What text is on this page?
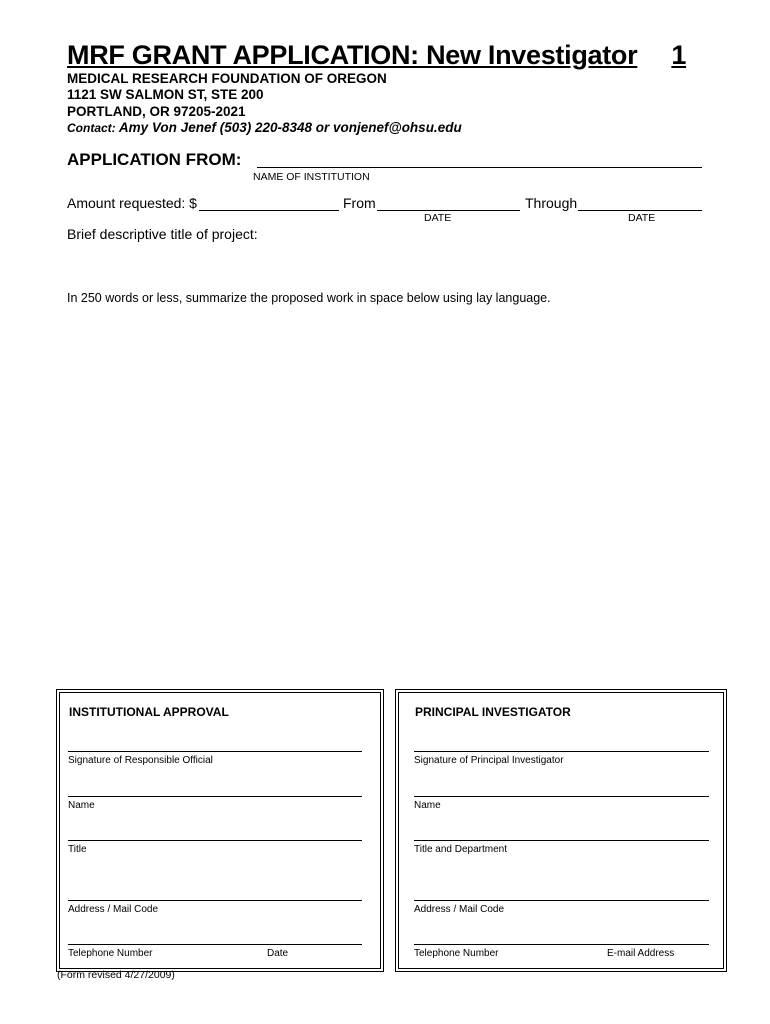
MRF GRANT APPLICATION: New Investigator 1
MEDICAL RESEARCH FOUNDATION OF OREGON
1121 SW SALMON ST, STE 200
PORTLAND, OR 97205-2021
Contact: Amy Von Jenef (503) 220-8348 or vonjenef@ohsu.edu
APPLICATION FROM:
NAME OF INSTITUTION
Amount requested: $	From	Through
DATE	DATE
Brief descriptive title of project:
In 250 words or less, summarize the proposed work in space below using lay language.
INSTITUTIONAL APPROVAL
Signature of Responsible Official
Name
Title
Address / Mail Code
Telephone Number	Date
PRINCIPAL INVESTIGATOR
Signature of Principal Investigator
Name
Title and Department
Address / Mail Code
Telephone Number	E-mail Address
(Form revised 4/27/2009)
